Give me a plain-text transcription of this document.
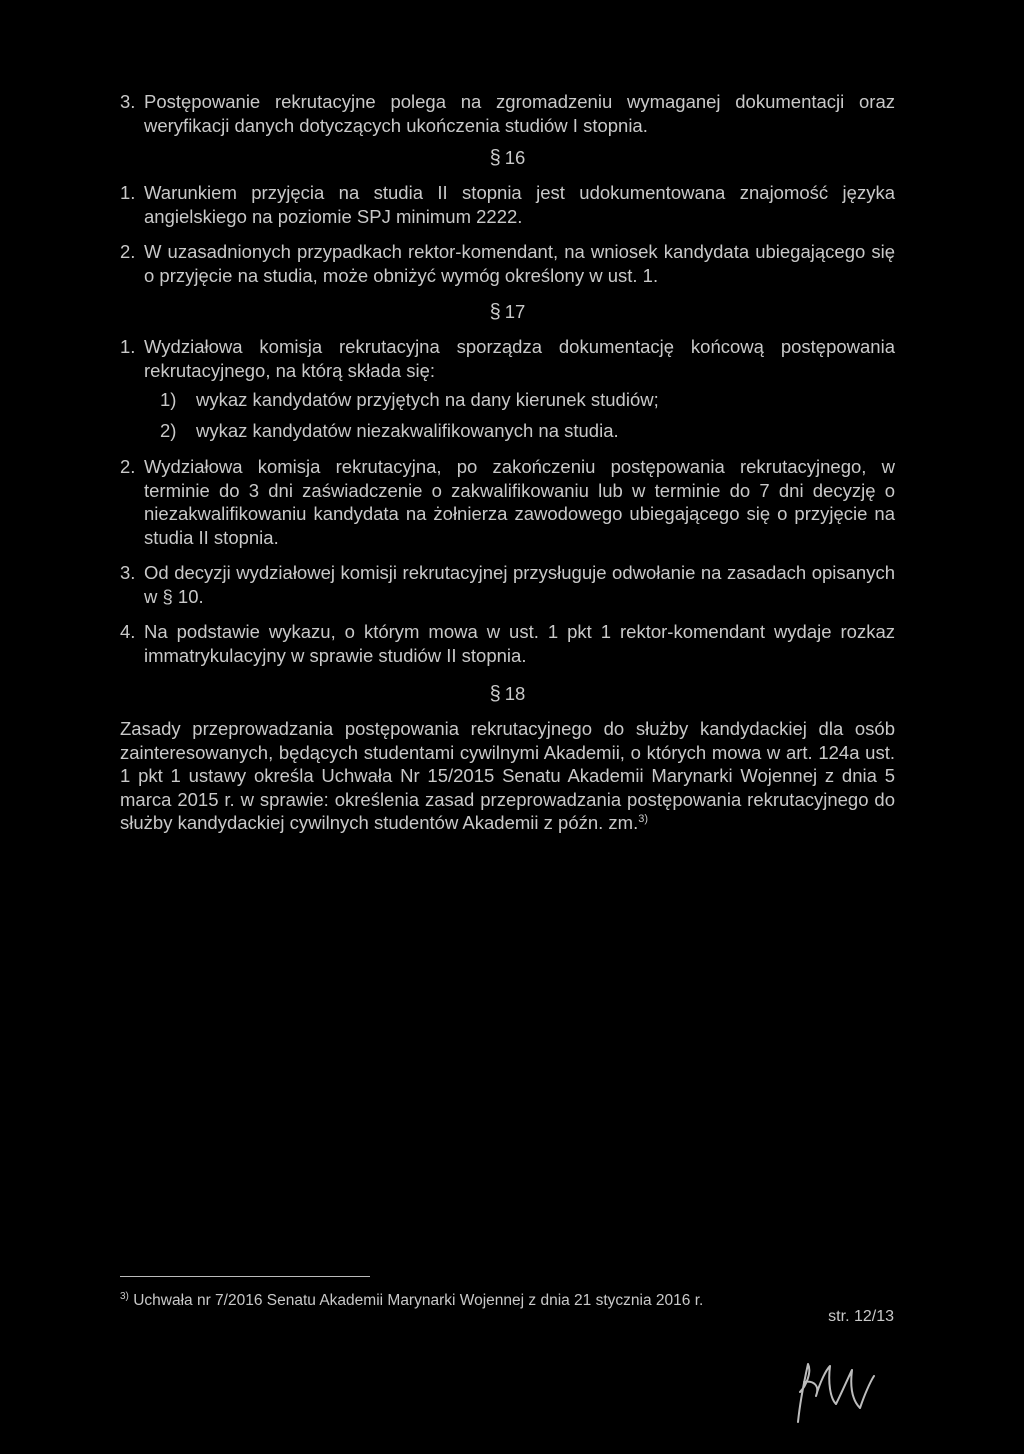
3. Postępowanie rekrutacyjne polega na zgromadzeniu wymaganej dokumentacji oraz weryfikacji danych dotyczących ukończenia studiów I stopnia.
§ 16
1. Warunkiem przyjęcia na studia II stopnia jest udokumentowana znajomość języka angielskiego na poziomie SPJ minimum 2222.
2. W uzasadnionych przypadkach rektor-komendant, na wniosek kandydata ubiegającego się o przyjęcie na studia, może obniżyć wymóg określony w ust. 1.
§ 17
1. Wydziałowa komisja rekrutacyjna sporządza dokumentację końcową postępowania rekrutacyjnego, na którą składa się:
1)	wykaz kandydatów przyjętych na dany kierunek studiów;
2)	wykaz kandydatów niezakwalifikowanych na studia.
2. Wydziałowa komisja rekrutacyjna, po zakończeniu postępowania rekrutacyjnego, w terminie do 3 dni zaświadczenie o zakwalifikowaniu lub w terminie do 7 dni decyzję o niezakwalifikowaniu kandydata na żołnierza zawodowego ubiegającego się o przyjęcie na studia II stopnia.
3. Od decyzji wydziałowej komisji rekrutacyjnej przysługuje odwołanie na zasadach opisanych w § 10.
4. Na podstawie wykazu, o którym mowa w ust. 1 pkt 1 rektor-komendant wydaje rozkaz immatrykulacyjny w sprawie studiów II stopnia.
§ 18
Zasady przeprowadzania postępowania rekrutacyjnego do służby kandydackiej dla osób zainteresowanych, będących studentami cywilnymi Akademii, o których mowa w art. 124a ust. 1 pkt 1 ustawy określa Uchwała Nr 15/2015 Senatu Akademii Marynarki Wojennej z dnia 5 marca 2015 r. w sprawie: określenia zasad przeprowadzania postępowania rekrutacyjnego do służby kandydackiej cywilnych studentów Akademii z późn. zm.$^{3)}$
$^{3)}$ Uchwała nr 7/2016 Senatu Akademii Marynarki Wojennej z dnia 21 stycznia 2016 r.
str. 12/13
